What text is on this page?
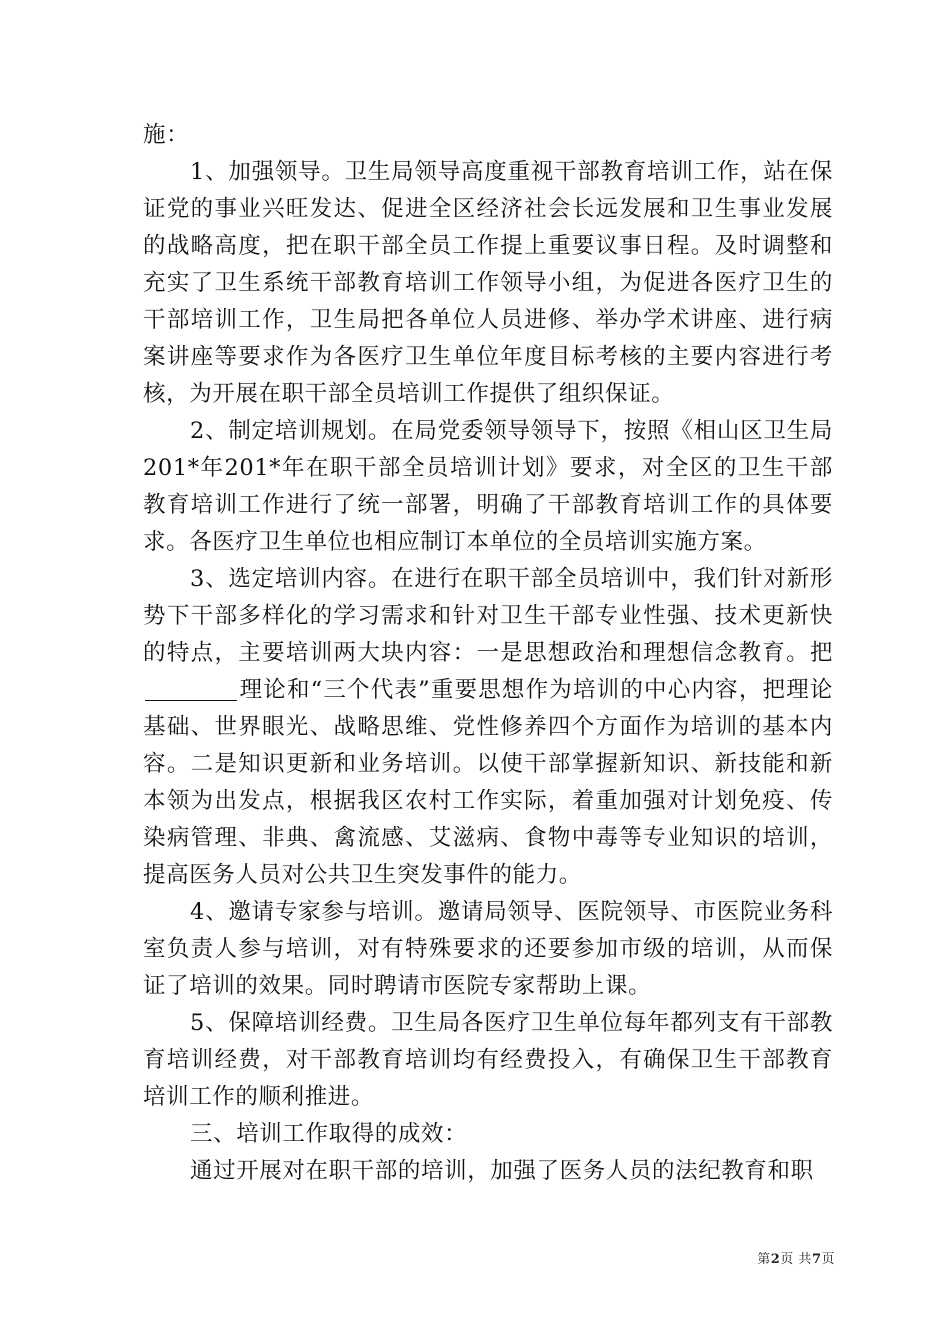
施：

1、加强领导。卫生局领导高度重视干部教育培训工作，站在保证党的事业兴旺发达、促进全区经济社会长远发展和卫生事业发展的战略高度，把在职干部全员工作提上重要议事日程。及时调整和充实了卫生系统干部教育培训工作领导小组，为促进各医疗卫生的干部培训工作，卫生局把各单位人员进修、举办学术讲座、进行病案讲座等要求作为各医疗卫生单位年度目标考核的主要内容进行考核，为开展在职干部全员培训工作提供了组织保证。

2、制定培训规划。在局党委领导领导下，按照《相山区卫生局201*年201*年在职干部全员培训计划》要求，对全区的卫生干部教育培训工作进行了统一部署，明确了干部教育培训工作的具体要求。各医疗卫生单位也相应制订本单位的全员培训实施方案。

3、选定培训内容。在进行在职干部全员培训中，我们针对新形势下干部多样化的学习需求和针对卫生干部专业性强、技术更新快的特点，主要培训两大块内容：一是思想政治和理想信念教育。把理论和“三个代表”重要思想作为培训的中心内容，把理论基础、世界眼光、战略思维、党性修养四个方面作为培训的基本内容。二是知识更新和业务培训。以使干部掌握新知识、新技能和新本领为出发点，根据我区农村工作实际，着重加强对计划免疫、传染病管理、非典、禽流感、艾滋病、食物中毒等专业知识的培训，提高医务人员对公共卫生突发事件的能力。

4、邀请专家参与培训。邀请局领导、医院领导、市医院业务科室负责人参与培训，对有特殊要求的还要参加市级的培训，从而保证了培训的效果。同时聘请市医院专家帮助上课。

5、保障培训经费。卫生局各医疗卫生单位每年都列支有干部教育培训经费，对干部教育培训均有经费投入，有确保卫生干部教育培训工作的顺利推进。

三、培训工作取得的成效：

通过开展对在职干部的培训，加强了医务人员的法纪教育和职

第2页 共7页
